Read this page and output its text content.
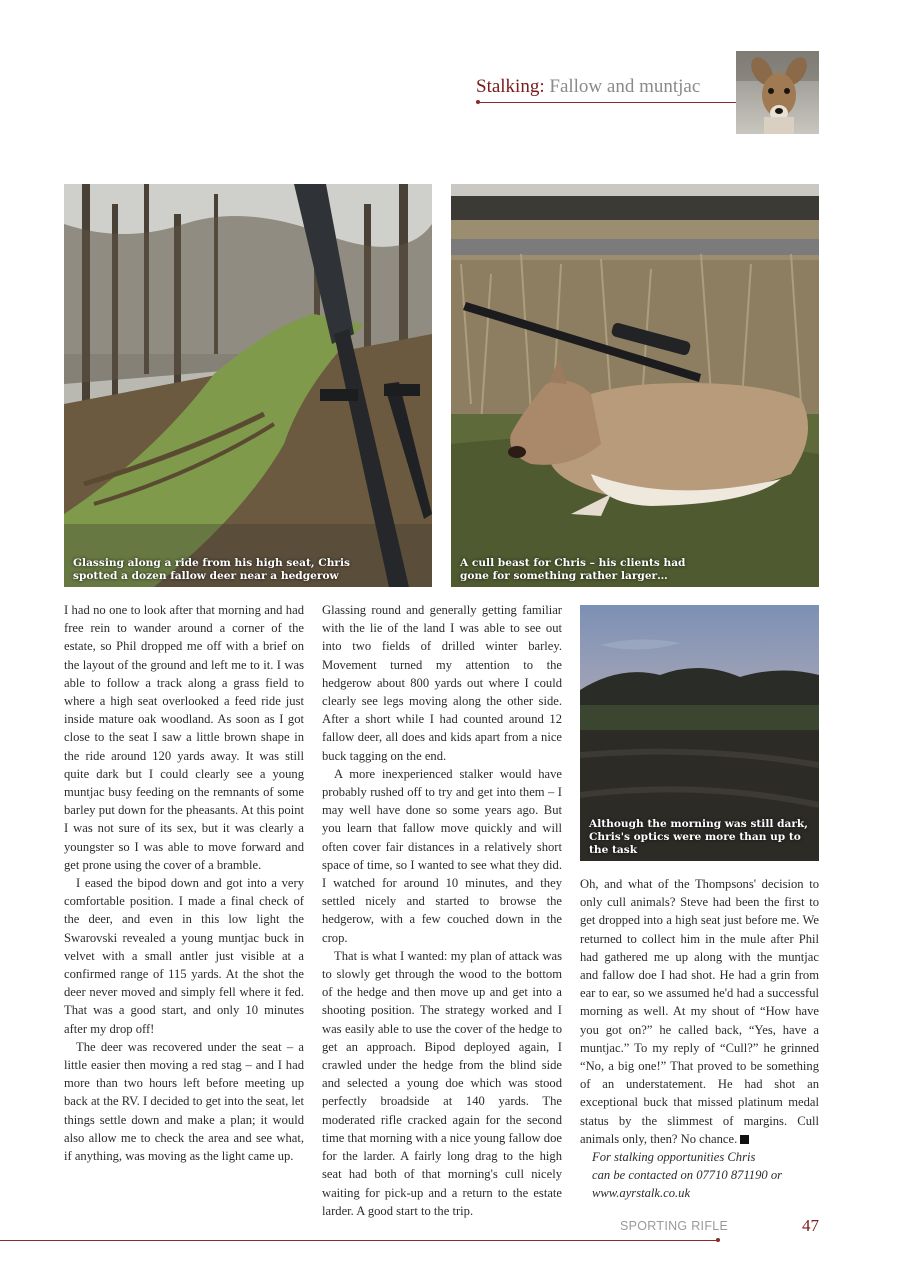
Stalking: Fallow and muntjac
Glassing along a ride from his high seat, Chris
spotted a dozen fallow deer near a hedgerow
A cull beast for Chris – his clients had
gone for something rather larger…
Although the morning was still dark,
Chris's optics were more than up to the task

I had no one to look after that morning and had free rein to wander around a corner of the estate, so Phil dropped me off with a brief on the layout of the ground and left me to it. I was able to follow a track along a grass field to where a high seat overlooked a feed ride just inside mature oak woodland. As soon as I got close to the seat I saw a little brown shape in the ride around 120 yards away. It was still quite dark but I could clearly see a young muntjac busy feeding on the remnants of some barley put down for the pheasants. At this point I was not sure of its sex, but it was clearly a youngster so I was able to move forward and get prone using the cover of a bramble.

I eased the bipod down and got into a very comfortable position. I made a final check of the deer, and even in this low light the Swarovski revealed a young muntjac buck in velvet with a small antler just visible at a confirmed range of 115 yards. At the shot the deer never moved and simply fell where it fed. That was a good start, and only 10 minutes after my drop off!

The deer was recovered under the seat – a little easier then moving a red stag – and I had more than two hours left before meeting up back at the RV. I decided to get into the seat, let things settle down and make a plan; it would also allow me to check the area and see what, if anything, was moving as the light came up.

Glassing round and generally getting familiar with the lie of the land I was able to see out into two fields of drilled winter barley. Movement turned my attention to the hedgerow about 800 yards out where I could clearly see legs moving along the other side. After a short while I had counted around 12 fallow deer, all does and kids apart from a nice buck tagging on the end.

A more inexperienced stalker would have probably rushed off to try and get into them – I may well have done so some years ago. But you learn that fallow move quickly and will often cover fair distances in a relatively short space of time, so I wanted to see what they did. I watched for around 10 minutes, and they settled nicely and started to browse the hedgerow, with a few couched down in the crop.

That is what I wanted: my plan of attack was to slowly get through the wood to the bottom of the hedge and then move up and get into a shooting position. The strategy worked and I was easily able to use the cover of the hedge to get an approach. Bipod deployed again, I crawled under the hedge from the blind side and selected a young doe which was stood perfectly broadside at 140 yards. The moderated rifle cracked again for the second time that morning with a nice young fallow doe for the larder. A fairly long drag to the high seat had both of that morning's cull nicely waiting for pick-up and a return to the estate larder. A good start to the trip.

Oh, and what of the Thompsons' decision to only cull animals? Steve had been the first to get dropped into a high seat just before me. We returned to collect him in the mule after Phil had gathered me up along with the muntjac and fallow doe I had shot. He had a grin from ear to ear, so we assumed he'd had a successful morning as well. At my shout of “How have you got on?” he called back, “Yes, have a muntjac.” To my reply of “Cull?” he grinned “No, a big one!” That proved to be something of an understatement. He had shot an exceptional buck that missed platinum medal status by the slimmest of margins. Cull animals only, then? No chance.

For stalking opportunities Chris
can be contacted on 07710 871190 or
www.ayrstalk.co.uk

SPORTING RIFLE	47
